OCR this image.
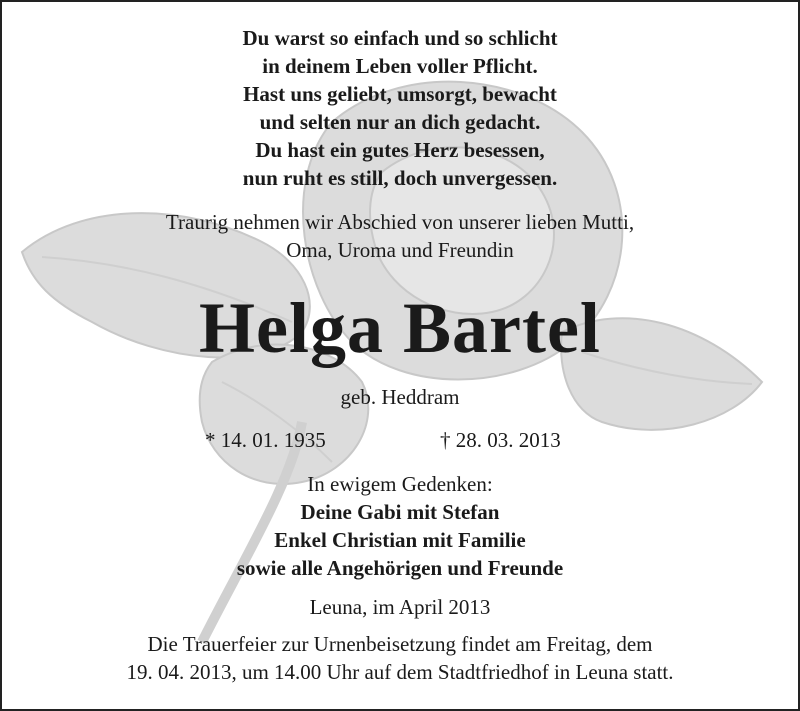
Du warst so einfach und so schlicht
in deinem Leben voller Pflicht.
Hast uns geliebt, umsorgt, bewacht
und selten nur an dich gedacht.
Du hast ein gutes Herz besessen,
nun ruht es still, doch unvergessen.
Traurig nehmen wir Abschied von unserer lieben Mutti,
Oma, Uroma und Freundin
Helga Bartel
geb. Heddram
* 14. 01. 1935	† 28. 03. 2013
In ewigem Gedenken:
Deine Gabi mit Stefan
Enkel Christian mit Familie
sowie alle Angehörigen und Freunde
Leuna, im April 2013
Die Trauerfeier zur Urnenbeisetzung findet am Freitag, dem
19. 04. 2013, um 14.00 Uhr auf dem Stadtfriedhof in Leuna statt.
